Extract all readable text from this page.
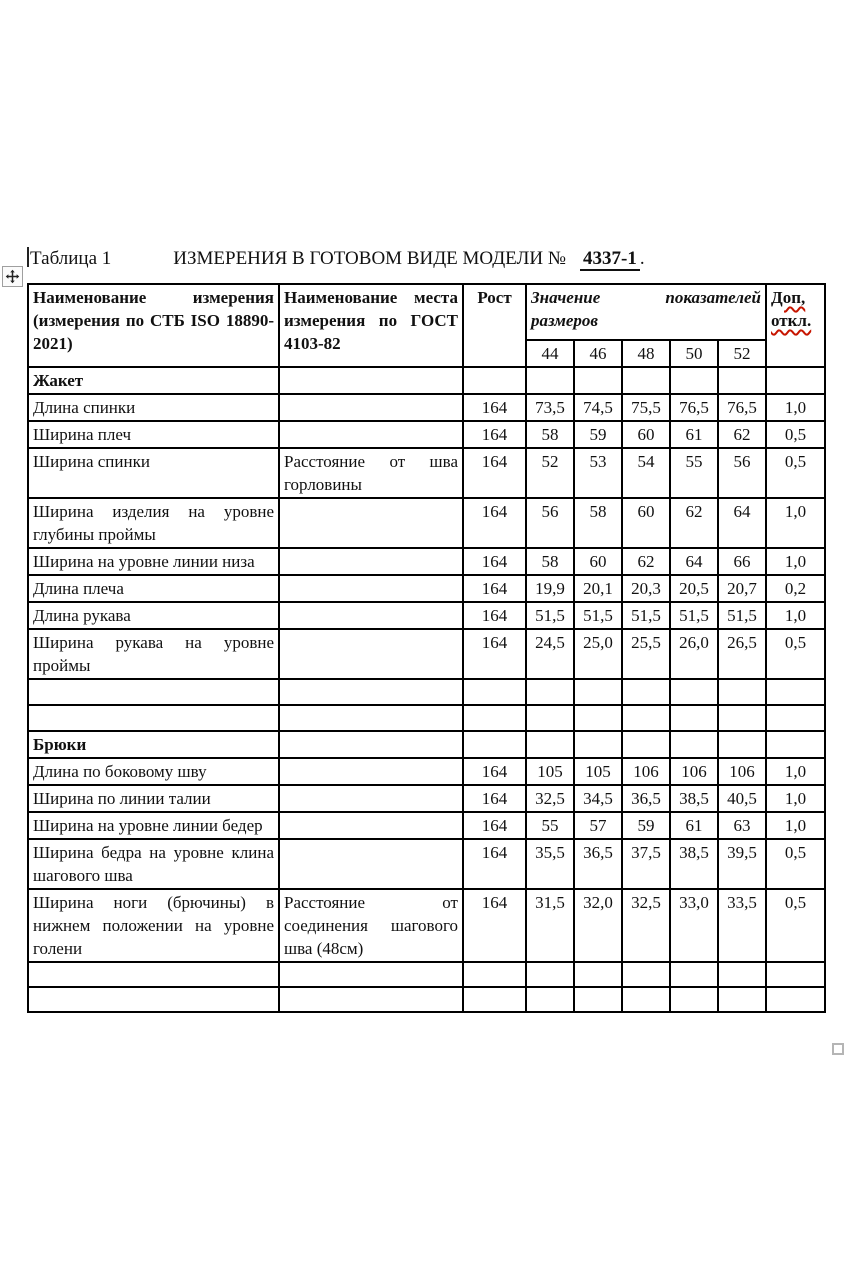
Таблица 1	ИЗМЕРЕНИЯ В ГОТОВОМ ВИДЕ МОДЕЛИ № 4337-1 .
Наименование измерения (измерения по СТБ ISO 18890-2021)	Наименование места измерения по ГОСТ 4103-82	Рост	Значение показателей размеров					Доп,
откл.

			44	46	48	50	52	
Жакет								
Длина спинки		164	73,5	74,5	75,5	76,5	76,5	1,0
Ширина плеч		164	58	59	60	61	62	0,5
Ширина спинки	Расстояние от шва горловины	164	52	53	54	55	56	0,5
Ширина изделия на уровне глубины проймы		164	56	58	60	62	64	1,0
Ширина на уровне линии низа		164	58	60	62	64	66	1,0
Длина плеча		164	19,9	20,1	20,3	20,5	20,7	0,2
Длина рукава		164	51,5	51,5	51,5	51,5	51,5	1,0
Ширина рукава на уровне проймы		164	24,5	25,0	25,5	26,0	26,5	0,5

Брюки								
Длина по боковому шву		164	105	105	106	106	106	1,0
Ширина по линии талии		164	32,5	34,5	36,5	38,5	40,5	1,0
Ширина на уровне линии бедер		164	55	57	59	61	63	1,0
Ширина бедра на уровне клина шагового шва		164	35,5	36,5	37,5	38,5	39,5	0,5
Ширина ноги (брючины) в нижнем положении на уровне голени	Расстояние от соединения шагового шва (48см)	164	31,5	32,0	32,5	33,0	33,5	0,5
